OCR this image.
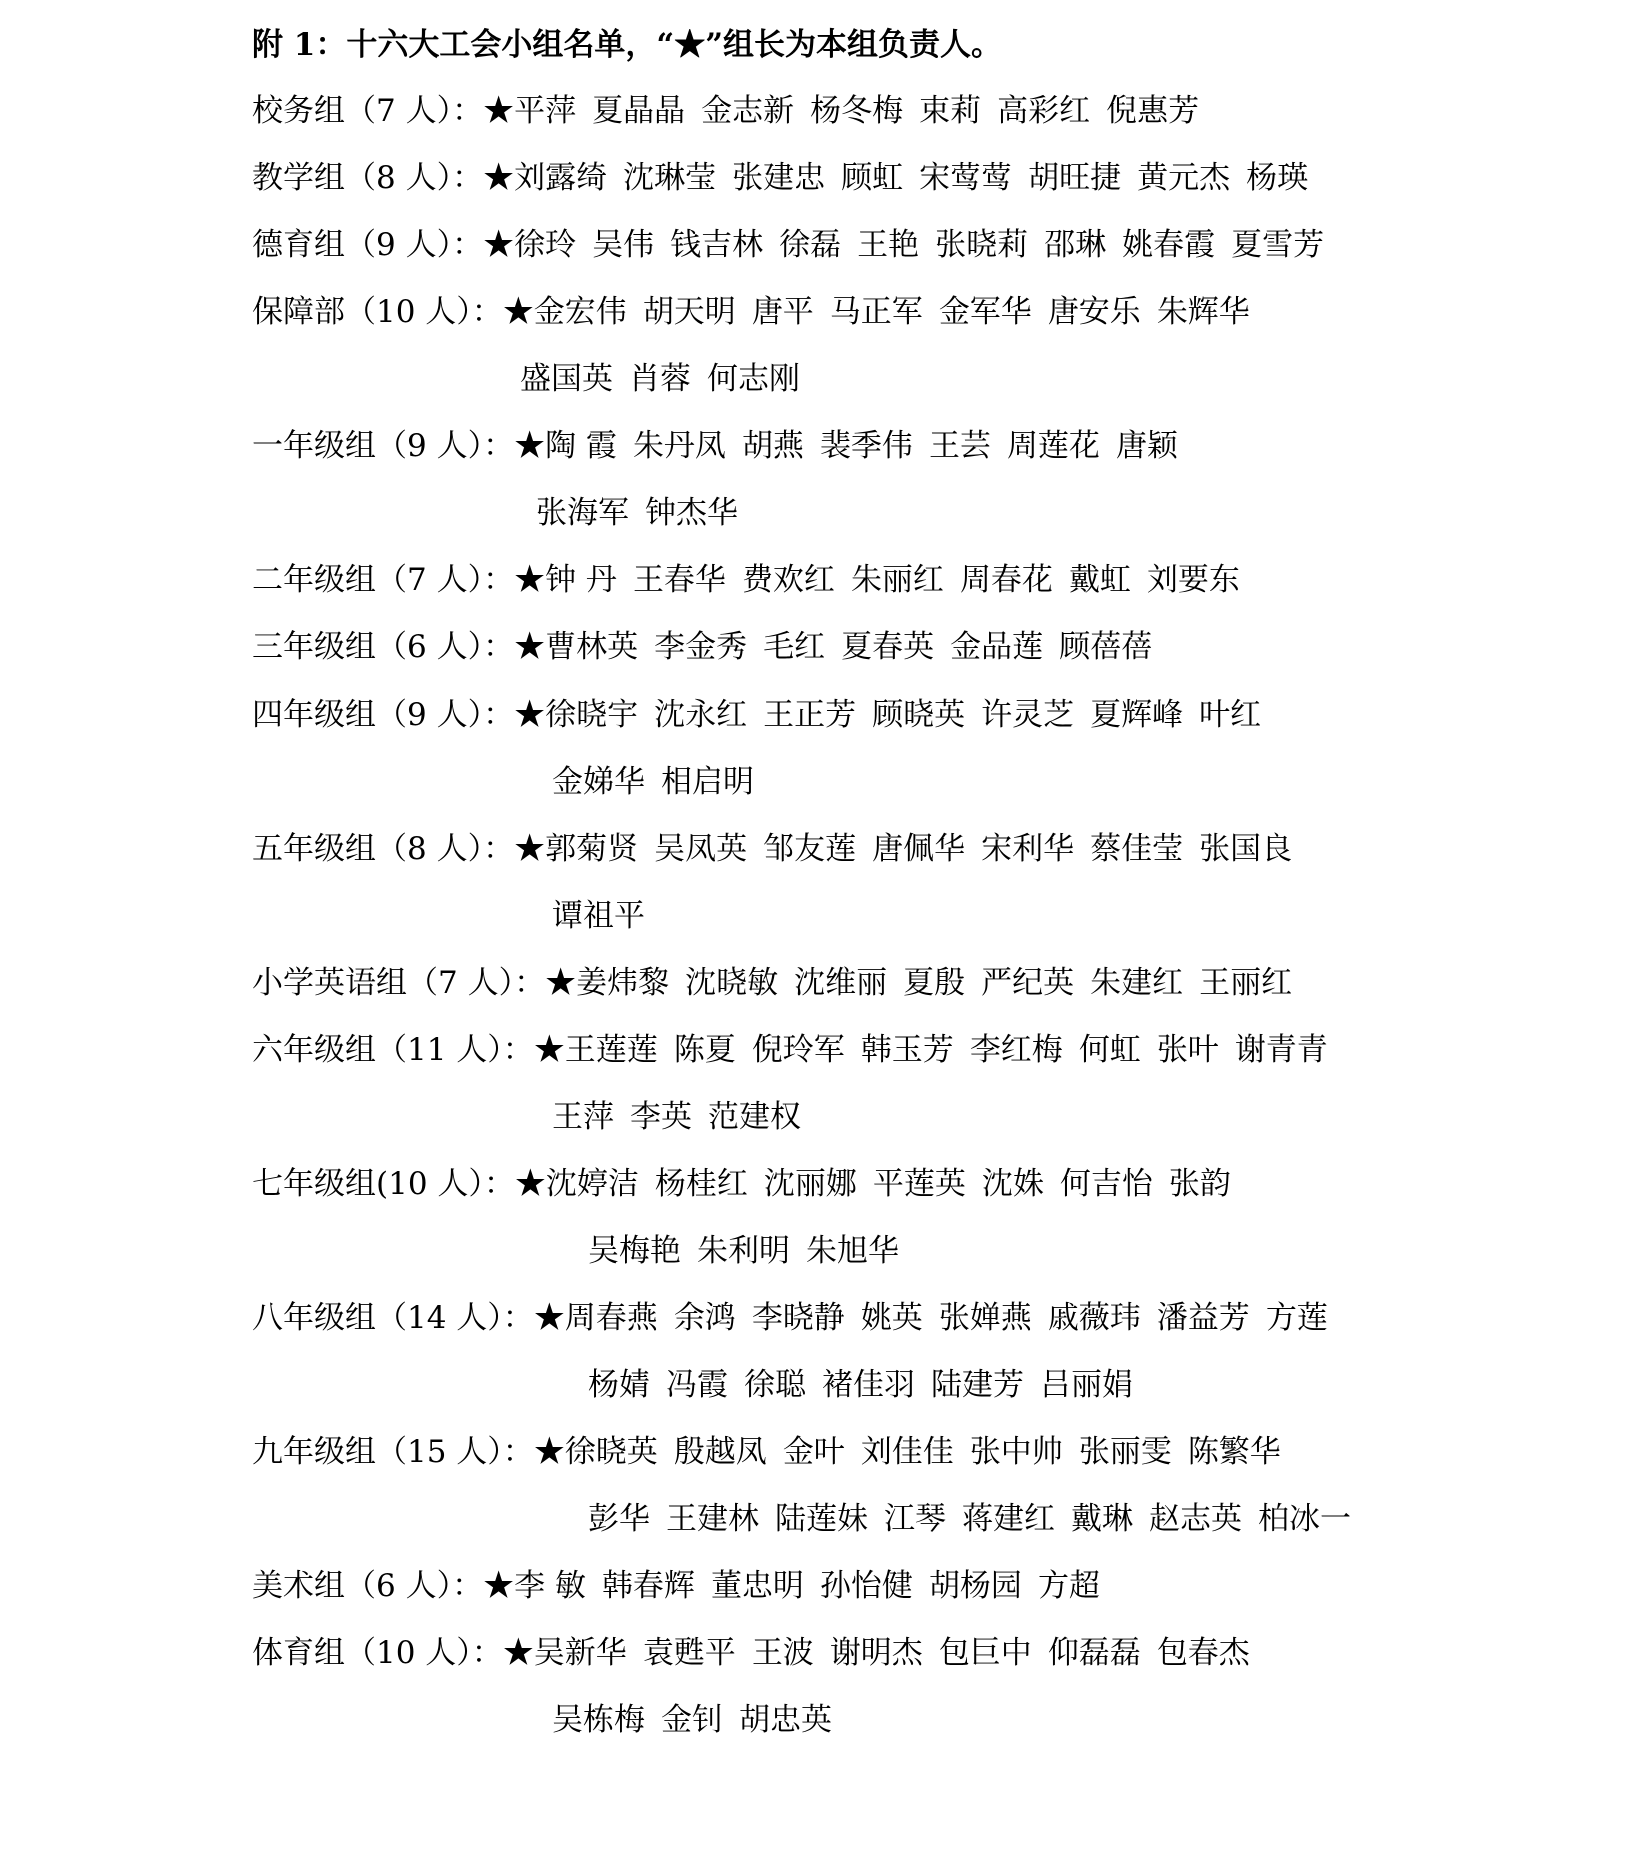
附 1：十六大工会小组名单，“★”组长为本组负责人。
校务组（7 人）：★平萍 夏晶晶 金志新 杨冬梅 束莉 高彩红 倪惠芳
教学组（8 人）：★刘露绮 沈琳莹 张建忠 顾虹 宋莺莺 胡旺捷 黄元杰 杨瑛
德育组（9 人）：★徐玲 吴伟 钱吉林 徐磊 王艳 张晓莉 邵琳 姚春霞 夏雪芳
保障部（10 人）：★金宏伟 胡天明 唐平 马正军 金军华 唐安乐 朱辉华
盛国英 肖蓉 何志刚
一年级组（9 人）：★陶 霞 朱丹凤 胡燕 裴季伟 王芸 周莲花 唐颖
张海军 钟杰华
二年级组（7 人）：★钟 丹 王春华 费欢红 朱丽红 周春花 戴虹 刘要东
三年级组（6 人）：★曹林英 李金秀 毛红 夏春英 金品莲 顾蓓蓓
四年级组（9 人）：★徐晓宇 沈永红 王正芳 顾晓英 许灵芝 夏辉峰 叶红
金娣华 相启明
五年级组（8 人）：★郭菊贤 吴凤英 邹友莲 唐佩华 宋利华 蔡佳莹 张国良
谭祖平
小学英语组（7 人）：★姜炜黎 沈晓敏 沈维丽 夏殷 严纪英 朱建红 王丽红
六年级组（11 人）：★王莲莲 陈夏 倪玲军 韩玉芳 李红梅 何虹 张叶 谢青青
王萍 李英 范建权
七年级组(10 人）：★沈婷洁 杨桂红 沈丽娜 平莲英 沈姝 何吉怡 张韵
吴梅艳 朱利明 朱旭华
八年级组（14 人）：★周春燕 余鸿 李晓静 姚英 张婵燕 戚薇玮 潘益芳 方莲
杨婧 冯霞 徐聪 褚佳羽 陆建芳 吕丽娟
九年级组（15 人）：★徐晓英 殷越凤 金叶 刘佳佳 张中帅 张丽雯 陈繁华
彭华 王建林 陆莲妹 江琴 蒋建红 戴琳 赵志英 柏冰一
美术组（6 人）：★李 敏 韩春辉 董忠明 孙怡健 胡杨园 方超
体育组（10 人）：★吴新华 袁甦平 王波 谢明杰 包巨中 仰磊磊 包春杰
吴栋梅 金钊 胡忠英
